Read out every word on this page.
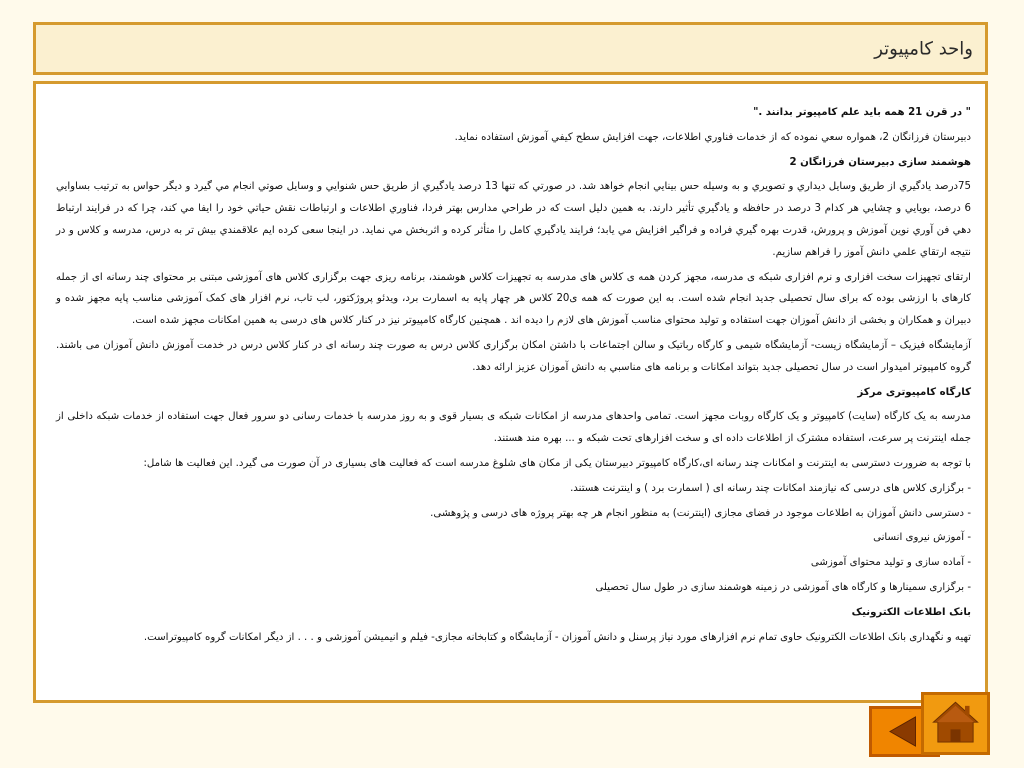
واحد کامپیوتر

" در قرن 21 همه باید علم کامپیوتر بدانند ."

دبیرستان فرزانگان 2، همواره سعي نموده كه از خدمات فناوري اطلاعات، جهت افزايش سطح كيفي آموزش استفاده نمايد.

هوشمند سازی دبیرستان فرزانگان 2

75درصد يادگيري از طريق وسايل ديداري و تصويري و به وسيله حس بينايي انجام خواهد شد. در صورتي كه تنها 13 درصد يادگيري از طريق حس شنوايي و وسايل صوتي انجام مي گيرد و ديگر حواس به ترتيب بساوايي 6 درصد، بويايي و چشايي هر كدام 3 درصد در حافظه و يادگيري تأثير دارند. به همين دليل است كه در طراحي مدارس بهتر فردا، فناوري اطلاعات و ارتباطات نقش حياتي خود را ايفا مي كند، چرا كه در فرايند ارتباط دهي فن آوري نوين آموزش و پرورش، قدرت بهره گيري فراده و فراگير افزايش مي يابد؛ فرايند يادگيري كامل را متأثر كرده و اثربخش مي نمايد. در اینجا سعی کرده ایم علاقمندي بيش تر به درس، مدرسه و کلاس و در نتيجه ارتقاي علمي دانش آموز را فراهم سازیم.

ارتقای تجهیزات سخت افزاری و نرم افزاری شبکه ی مدرسه، مجهز کردن همه ی کلاس های مدرسه به تجهیزات کلاس هوشمند، برنامه ریزی جهت برگزاری کلاس های آموزشی مبتنی بر محتوای چند رسانه ای از جمله کارهای با ارزشی بوده که برای سال تحصیلی جدید انجام شده است. به این صورت که همه ی20 کلاس هر چهار پایه به اسمارت برد، ویدئو پروژکتور، لب تاب، نرم افزار های کمک آموزشی مناسب پایه مجهز شده و دبیران و همکاران و بخشی از دانش آموزان جهت استفاده و تولید محتوای مناسب آموزش های لازم را دیده اند . همچنین کارگاه کامپیوتر نیز در کنار کلاس های درسی به همین امکانات مجهز شده است.

آزمایشگاه فیزیک – آزمایشگاه زیست- آزمایشگاه شیمی و کارگاه رباتیک و سالن اجتماعات با داشتن امکان برگزاری کلاس درس به صورت چند رسانه ای در کنار کلاس درس در خدمت آموزش دانش آموزان می باشند. گروه کامپیوتر امیدوار است در سال تحصیلی جدید بتواند امکانات و برنامه های مناسبي به دانش آموزان عزیز ارائه دهد.

کارگاه کامپیوتری مرکز

مدرسه به یک کارگاه (سایت) کامپیوتر و یک کارگاه روبات مجهز است. تمامی واحدهای مدرسه از امکانات شبکه ی بسیار قوی و به روز مدرسه با خدمات رسانی دو سرور فعال جهت استفاده از خدمات شبکه داخلی از جمله اینترنت پر سرعت، استفاده مشترک از اطلاعات داده ای و سخت افزارهای تحت شبکه و ... بهره مند هستند.

با توجه به ضرورت دسترسی به اینترنت و امکانات چند رسانه ای،کارگاه کامپیوتر دبیرستان یکی از مکان های شلوغ مدرسه است که فعالیت های بسیاری در آن صورت می گیرد. این فعالیت ها شامل:

- برگزاری کلاس های درسی که نیازمند امکانات چند رسانه ای ( اسمارت برد ) و اینترنت هستند.

- دسترسی دانش آموزان به اطلاعات موجود در فضای مجازی (اینترنت) به منظور انجام هر چه بهتر پروژه های درسی و پژوهشی.

- آموزش نیروی انسانی

- آماده سازی و تولید محتوای آموزشی

- برگزاری سمینارها و کارگاه های آموزشی در زمینه هوشمند سازی در طول سال تحصیلی

بانک اطلاعات الکترونیک

تهیه و نگهداری بانک اطلاعات الکترونیک حاوی تمام نرم افزارهای مورد نیاز پرسنل و دانش آموزان - آزمایشگاه و کتابخانه مجازی- فیلم و انیمیشن آموزشی و . . . از دیگر امکانات گروه کامپیوتراست.
